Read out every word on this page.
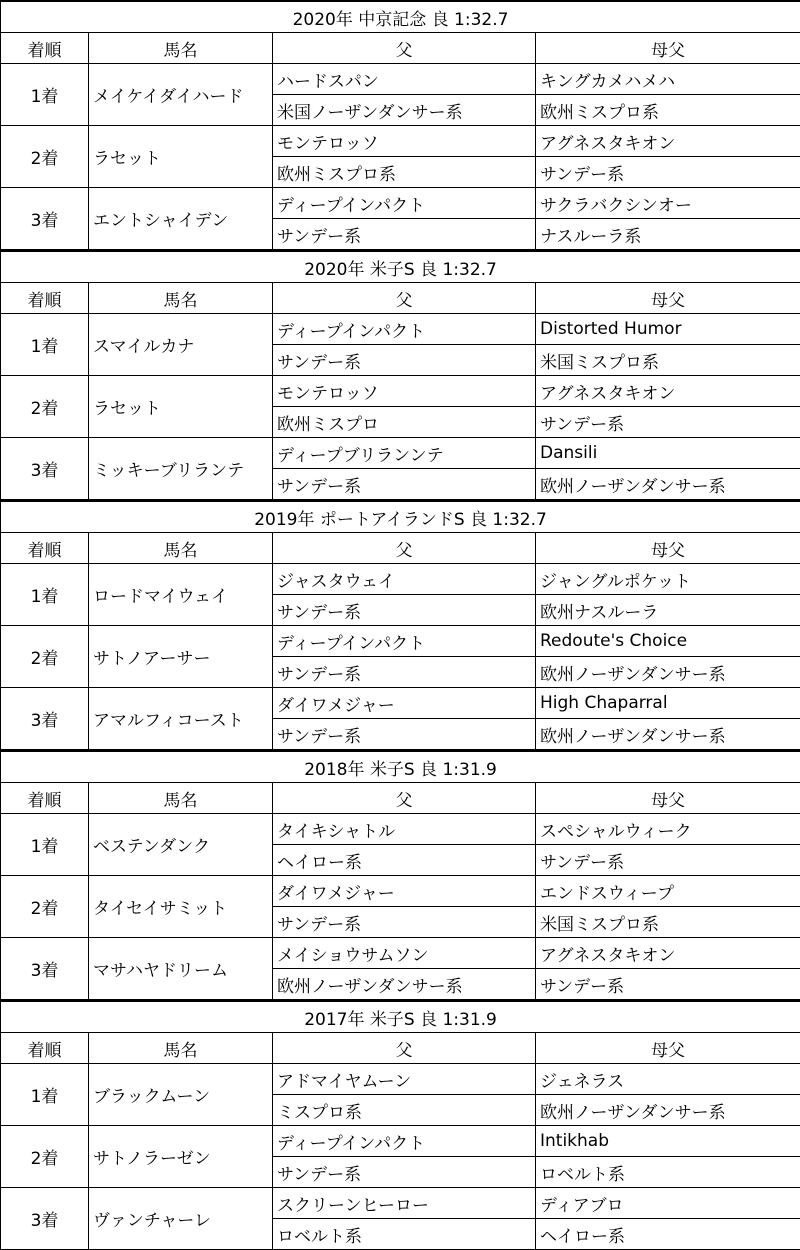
2020年 中京記念 良 1:32.7			
着順	馬名	父	母父
1着	メイケイダイハード	ハードスパン	キングカメハメハ
		米国ノーザンダンサー系	欧州ミスプロ系
2着	ラセット	モンテロッソ	アグネスタキオン
		欧州ミスプロ系	サンデー系
3着	エントシャイデン	ディープインパクト	サクラバクシンオー
		サンデー系	ナスルーラ系
2020年 米子S 良 1:32.7			
着順	馬名	父	母父
1着	スマイルカナ	ディープインパクト	Distorted Humor
		サンデー系	米国ミスプロ系
2着	ラセット	モンテロッソ	アグネスタキオン
		欧州ミスプロ	サンデー系
3着	ミッキーブリランテ	ディープブリランンテ	Dansili
		サンデー系	欧州ノーザンダンサー系
2019年 ポートアイランドS 良 1:32.7			
着順	馬名	父	母父
1着	ロードマイウェイ	ジャスタウェイ	ジャングルポケット
		サンデー系	欧州ナスルーラ
2着	サトノアーサー	ディープインパクト	Redoute's Choice
		サンデー系	欧州ノーザンダンサー系
3着	アマルフィコースト	ダイワメジャー	High Chaparral
		サンデー系	欧州ノーザンダンサー系
2018年 米子S 良 1:31.9			
着順	馬名	父	母父
1着	ベステンダンク	タイキシャトル	スペシャルウィーク
		ヘイロー系	サンデー系
2着	タイセイサミット	ダイワメジャー	エンドスウィープ
		サンデー系	米国ミスプロ系
3着	マサハヤドリーム	メイショウサムソン	アグネスタキオン
		欧州ノーザンダンサー系	サンデー系
2017年 米子S 良 1:31.9			
着順	馬名	父	母父
1着	ブラックムーン	アドマイヤムーン	ジェネラス
		ミスプロ系	欧州ノーザンダンサー系
2着	サトノラーゼン	ディープインパクト	Intikhab
		サンデー系	ロベルト系
3着	ヴァンチャーレ	スクリーンヒーロー	ディアブロ
		ロベルト系	ヘイロー系
